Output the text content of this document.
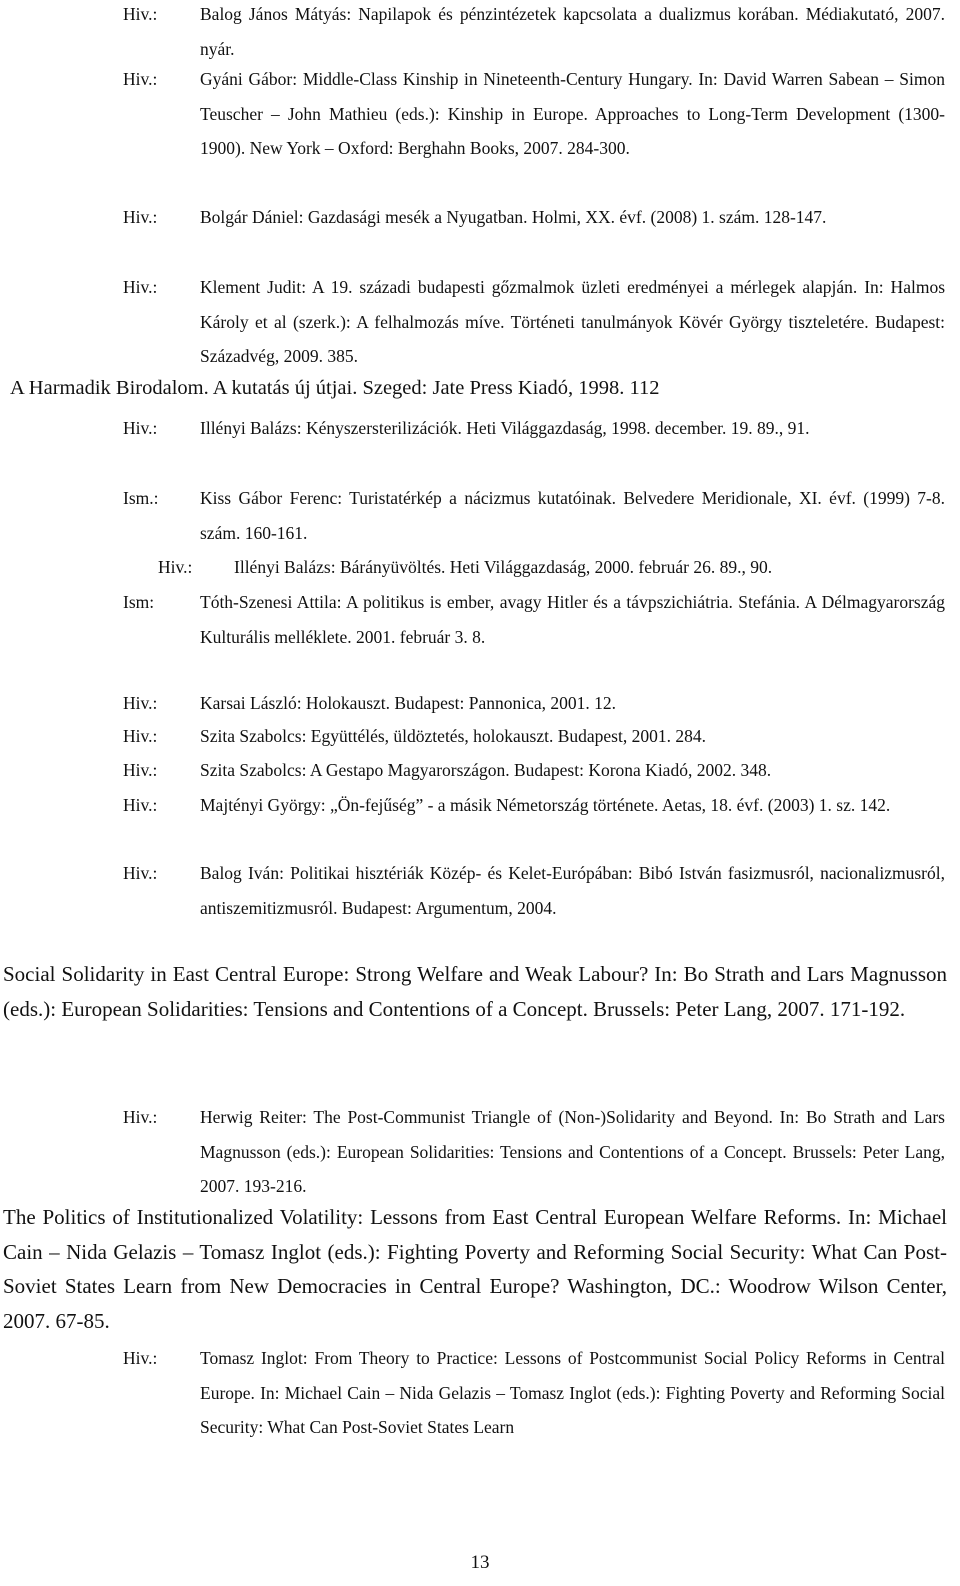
Hiv.: Balog János Mátyás: Napilapok és pénzintézetek kapcsolata a dualizmus korában. Médiakutató, 2007. nyár.
Hiv.: Gyáni Gábor: Middle-Class Kinship in Nineteenth-Century Hungary. In: David Warren Sabean – Simon Teuscher – John Mathieu (eds.): Kinship in Europe. Approaches to Long-Term Development (1300-1900). New York – Oxford: Berghahn Books, 2007. 284-300.
Hiv.: Bolgár Dániel: Gazdasági mesék a Nyugatban. Holmi, XX. évf. (2008) 1. szám. 128-147.
Hiv.: Klement Judit: A 19. századi budapesti gőzmalmok üzleti eredményei a mérlegek alapján. In: Halmos Károly et al (szerk.): A felhalmozás míve. Történeti tanulmányok Kövér György tiszteletére. Budapest: Századvég, 2009. 385.
A Harmadik Birodalom. A kutatás új útjai. Szeged: Jate Press Kiadó, 1998. 112
Hiv.: Illényi Balázs: Kényszersterilizációk. Heti Világgazdaság, 1998. december. 19. 89., 91.
Ism.: Kiss Gábor Ferenc: Turistatérkép a nácizmus kutatóinak. Belvedere Meridionale, XI. évf. (1999) 7-8. szám. 160-161.
Hiv.: Illényi Balázs: Bárányüvöltés. Heti Világgazdaság, 2000. február 26. 89., 90.
Ism:	Tóth-Szenesi Attila: A politikus is ember, avagy Hitler és a távpszichiátria. Stefánia. A Délmagyarország Kulturális melléklete. 2001. február 3. 8.
Hiv.: Karsai László: Holokauszt. Budapest: Pannonica, 2001. 12.
Hiv.: Szita Szabolcs: Együttélés, üldöztetés, holokauszt. Budapest, 2001. 284.
Hiv.: Szita Szabolcs: A Gestapo Magyarországon. Budapest: Korona Kiadó, 2002. 348.
Hiv.: Majtényi György: „Ön-fejűség” - a másik Németország története. Aetas, 18. évf. (2003) 1. sz. 142.
Hiv.: Balog Iván: Politikai hisztériák Közép- és Kelet-Európában: Bibó István fasizmusról, nacionalizmusról, antiszemitizmusról. Budapest: Argumentum, 2004.
Social Solidarity in East Central Europe: Strong Welfare and Weak Labour? In: Bo Strath and Lars Magnusson (eds.): European Solidarities: Tensions and Contentions of a Concept. Brussels: Peter Lang, 2007. 171-192.
Hiv.: Herwig Reiter: The Post-Communist Triangle of (Non-)Solidarity and Beyond. In: Bo Strath and Lars Magnusson (eds.): European Solidarities: Tensions and Contentions of a Concept. Brussels: Peter Lang, 2007. 193-216.
The Politics of Institutionalized Volatility: Lessons from East Central European Welfare Reforms. In: Michael Cain – Nida Gelazis – Tomasz Inglot (eds.): Fighting Poverty and Reforming Social Security: What Can Post-Soviet States Learn from New Democracies in Central Europe? Washington, DC.: Woodrow Wilson Center, 2007. 67-85.
Hiv.: Tomasz Inglot: From Theory to Practice: Lessons of Postcommunist Social Policy Reforms in Central Europe. In: Michael Cain – Nida Gelazis – Tomasz Inglot (eds.): Fighting Poverty and Reforming Social Security: What Can Post-Soviet States Learn
13
